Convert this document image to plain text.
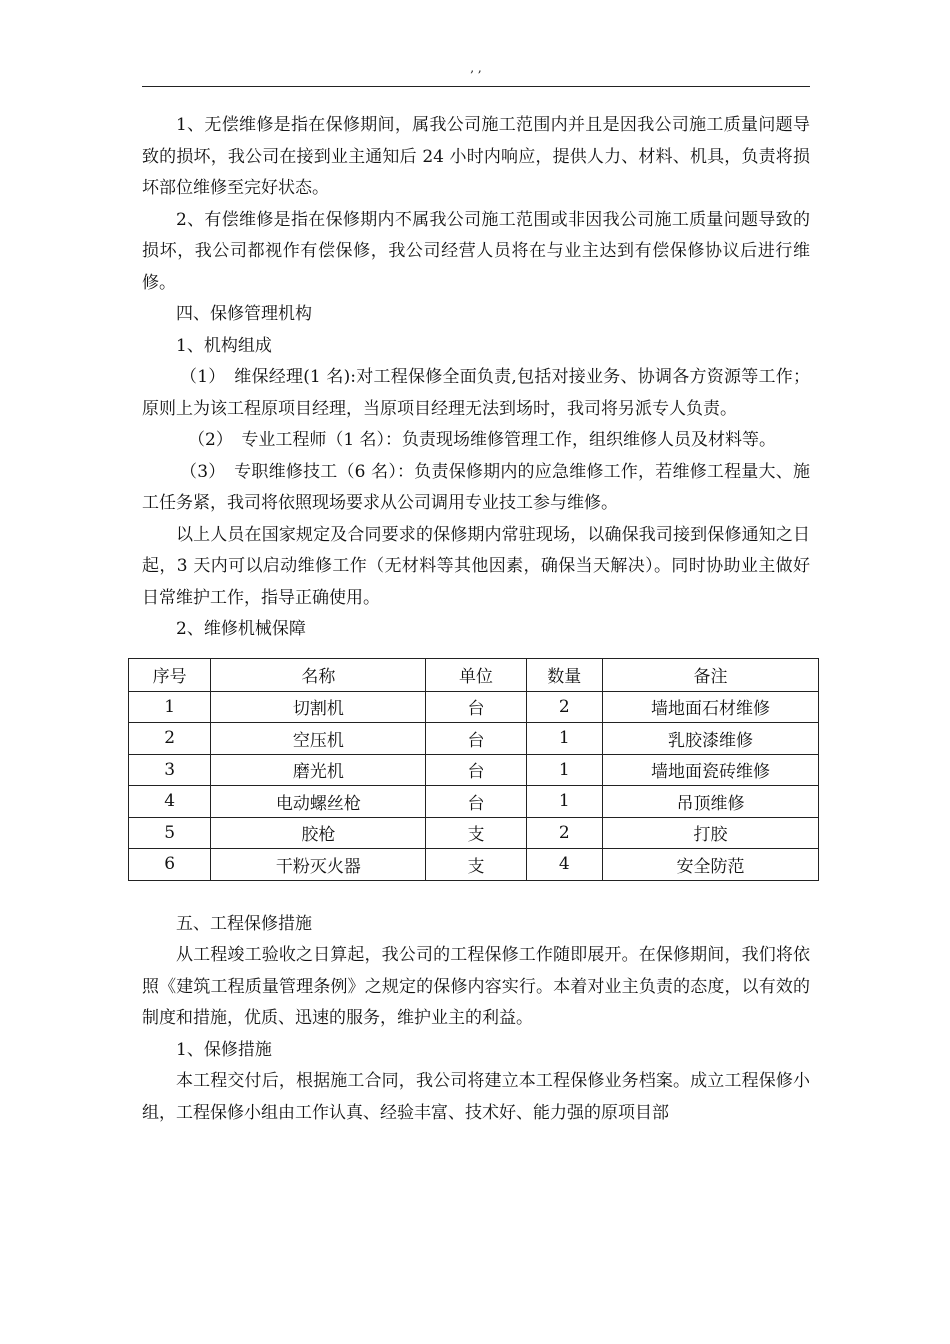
, ,

1、无偿维修是指在保修期间，属我公司施工范围内并且是因我公司施工质量问题导致的损坏，我公司在接到业主通知后 24 小时内响应，提供人力、材料、机具，负责将损坏部位维修至完好状态。

2、有偿维修是指在保修期内不属我公司施工范围或非因我公司施工质量问题导致的损坏，我公司都视作有偿保修，我公司经营人员将在与业主达到有偿保修协议后进行维修。

四、保修管理机构

1、机构组成

（1）　维保经理(1 名):对工程保修全面负责,包括对接业务、协调各方资源等工作；原则上为该工程原项目经理，当原项目经理无法到场时，我司将另派专人负责。

（2）　专业工程师（1 名）：负责现场维修管理工作，组织维修人员及材料等。

（3）　专职维修技工（6 名）：负责保修期内的应急维修工作，若维修工程量大、施工任务紧，我司将依照现场要求从公司调用专业技工参与维修。

以上人员在国家规定及合同要求的保修期内常驻现场，以确保我司接到保修通知之日起，3 天内可以启动维修工作（无材料等其他因素，确保当天解决）。同时协助业主做好日常维护工作，指导正确使用。

2、维修机械保障

序号	名称	单位	数量	备注
1	切割机	台	2	墙地面石材维修
2	空压机	台	1	乳胶漆维修
3	磨光机	台	1	墙地面瓷砖维修
4	电动螺丝枪	台	1	吊顶维修
5	胶枪	支	2	打胶
6	干粉灭火器	支	4	安全防范

五、工程保修措施

从工程竣工验收之日算起，我公司的工程保修工作随即展开。在保修期间，我们将依照《建筑工程质量管理条例》之规定的保修内容实行。本着对业主负责的态度，以有效的制度和措施，优质、迅速的服务，维护业主的利益。

1、保修措施

本工程交付后，根据施工合同，我公司将建立本工程保修业务档案。成立工程保修小组，工程保修小组由工作认真、经验丰富、技术好、能力强的原项目部
